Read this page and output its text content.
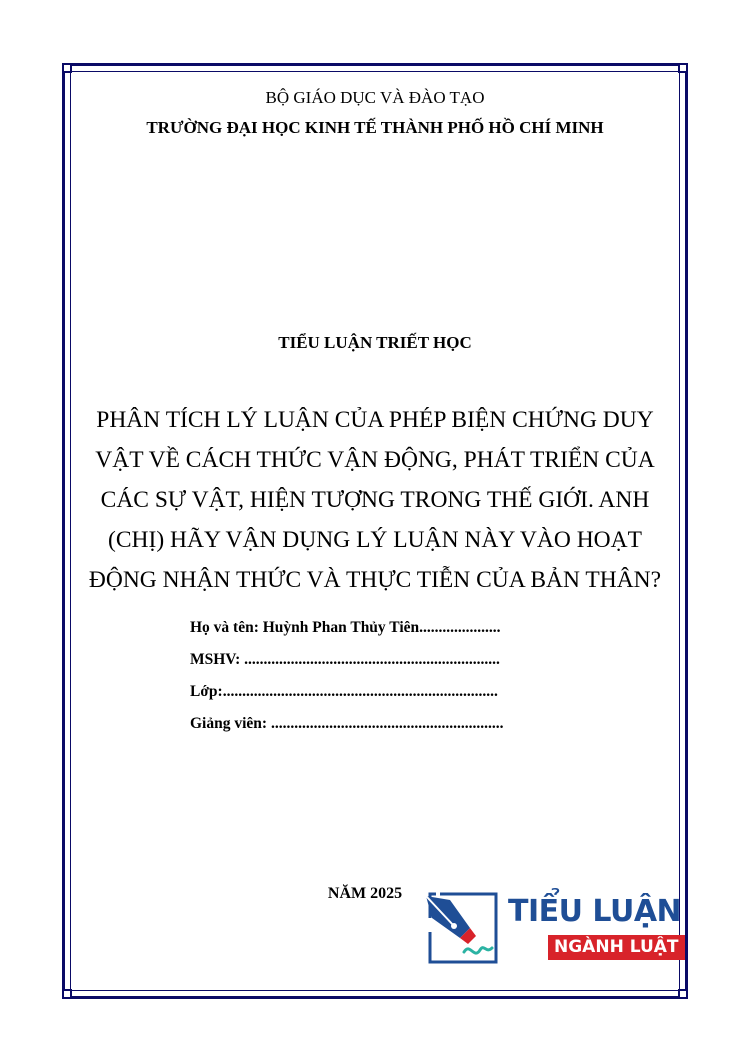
BỘ GIÁO DỤC VÀ ĐÀO TẠO
TRƯỜNG ĐẠI HỌC KINH TẾ THÀNH PHỐ HỒ CHÍ MINH
TIỂU LUẬN TRIẾT HỌC
PHÂN TÍCH LÝ LUẬN CỦA PHÉP BIỆN CHỨNG DUY
VẬT VỀ CÁCH THỨC VẬN ĐỘNG, PHÁT TRIỂN CỦA
CÁC SỰ VẬT, HIỆN TƯỢNG TRONG THẾ GIỚI. ANH
(CHỊ) HÃY VẬN DỤNG LÝ LUẬN NÀY VÀO HOẠT
ĐỘNG NHẬN THỨC VÀ THỰC TIỄN CỦA BẢN THÂN?
Họ và tên: Huỳnh Phan Thủy Tiên.....................
MSHV: ..................................................................
Lớp:.......................................................................
Giảng viên: ............................................................
NĂM 2025
TIỂU LUẬN
NGÀNH LUẬT
